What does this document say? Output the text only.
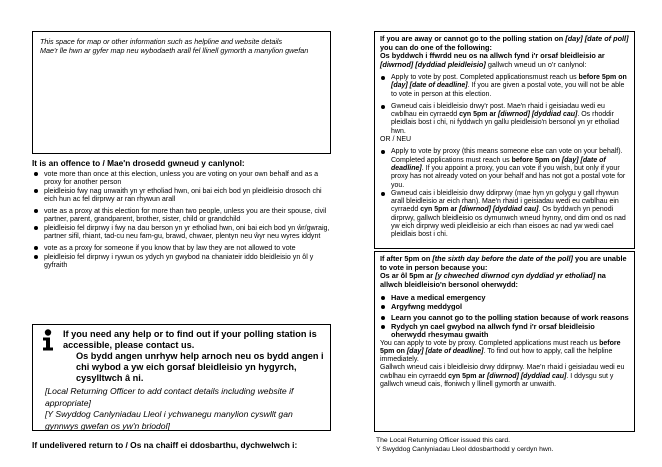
This space for map or other information such as helpline and website details

Mae'r lle hwn ar gyfer map neu wybodaeth arall fel llinell gymorth a manylion gwefan

It is an offence to / Mae'n drosedd gwneud y canlynol:
vote more than once at this election, unless you are voting on your own behalf and as a proxy for another person
pleidleisio fwy nag unwaith yn yr etholiad hwn, oni bai eich bod yn pleidleisio drosoch chi eich hun ac fel dirprwy ar ran rhywun arall
vote as a proxy at this election for more than two people, unless you are their spouse, civil partner, parent, grandparent, brother, sister, child or grandchild
pleidleisio fel dirprwy i fwy na dau berson yn yr etholiad hwn, oni bai eich bod yn ŵr/gwraig, partner sifil, rhiant, tad-cu neu fam-gu, brawd, chwaer, plentyn neu ŵyr neu wyres iddynt
vote as a proxy for someone if you know that by law they are not allowed to vote
pleidleisio fel dirprwy i rywun os ydych yn gwybod na chaniateir iddo bleidleisio yn ôl y gyfraith
If you need any help or to find out if your polling station is accessible, please contact us.
Os bydd angen unrhyw help arnoch neu os bydd angen i chi wybod a yw eich gorsaf bleidleisio yn hygyrch, cysylltwch â ni.
[Local Returning Officer to add contact details including website if appropriate]
[Y Swyddog Canlyniadau Lleol i ychwanegu manylion cyswllt gan gynnwys gwefan os yw'n briodol]
If undelivered return to / Os na chaiff ei ddosbarthu, dychwelwch i:

If you are away or cannot go to the polling station on [day] [date of poll] you can do one of the following:

Os byddwch i ffwrdd neu os na allwch fynd i'r orsaf bleidleisio ar [diwrnod] [dyddiad pleidleisio] gallwch wneud un o'r canlynol:

Apply to vote by post. Completed applicationsmust reach us before 5pm on [day] [date of deadline]. If you are given a postal vote, you will not be able to vote in person at this election.
Gwneud cais i bleidleisio drwy'r post. Mae'n rhaid i geisiadau wedi eu cwblhau ein cyrraedd cyn 5pm ar [diwrnod] [dyddiad cau]. Os rhoddir pleidlais bost i chi, ni fyddwch yn gallu pleidleisio'n bersonol yn yr etholiad hwn.

OR / NEU

Apply to vote by proxy (this means someone else can vote on your behalf). Completed applications must reach us before 5pm on [day] [date of deadline]. If you appoint a proxy, you can vote if you wish, but only if your proxy has not already voted on your behalf and has not got a postal vote for you.
Gwneud cais i bleidleisio drwy ddirprwy (mae hyn yn golygu y gall rhywun arall bleidleisio ar eich rhan). Mae'n rhaid i geisiadau wedi eu cwblhau ein cyrraedd cyn 5pm ar [diwrnod] [dyddiad cau]. Os byddwch yn penodi dirprwy, gallwch bleidleisio os dymunwch wneud hynny, ond dim ond os nad yw eich dirprwy wedi pleidleisio ar eich rhan eisoes ac nad yw wedi cael pleidlais bost i chi.

If after 5pm on [the sixth day before the date of the poll] you are unable to vote in person because you:

Os ar ôl 5pm ar [y chweched diwrnod cyn dyddiad yr etholiad] na allwch bleidleisio'n bersonol oherwydd:

Have a medical emergency
Argyfwng meddygol
Learn you cannot go to the polling station because of work reasons
Rydych yn cael gwybod na allwch fynd i'r orsaf bleidleisio oherwydd rhesymau gwaith

You can apply to vote by proxy. Completed applications must reach us before 5pm on [day] [date of deadline]. To find out how to apply, call the helpline immediately.

Gallwch wneud cais i bleidleisio drwy ddirprwy. Mae'n rhaid i geisiadau wedi eu cwblhau ein cyrraedd cyn 5pm ar [diwrnod] [dyddiad cau]. I ddysgu sut y gallwch wneud cais, ffoniwch y llinell gymorth ar unwaith.

The Local Returning Officer issued this card.
Y Swyddog Canlyniadau Lleol ddosbarthodd y cerdyn hwn.
